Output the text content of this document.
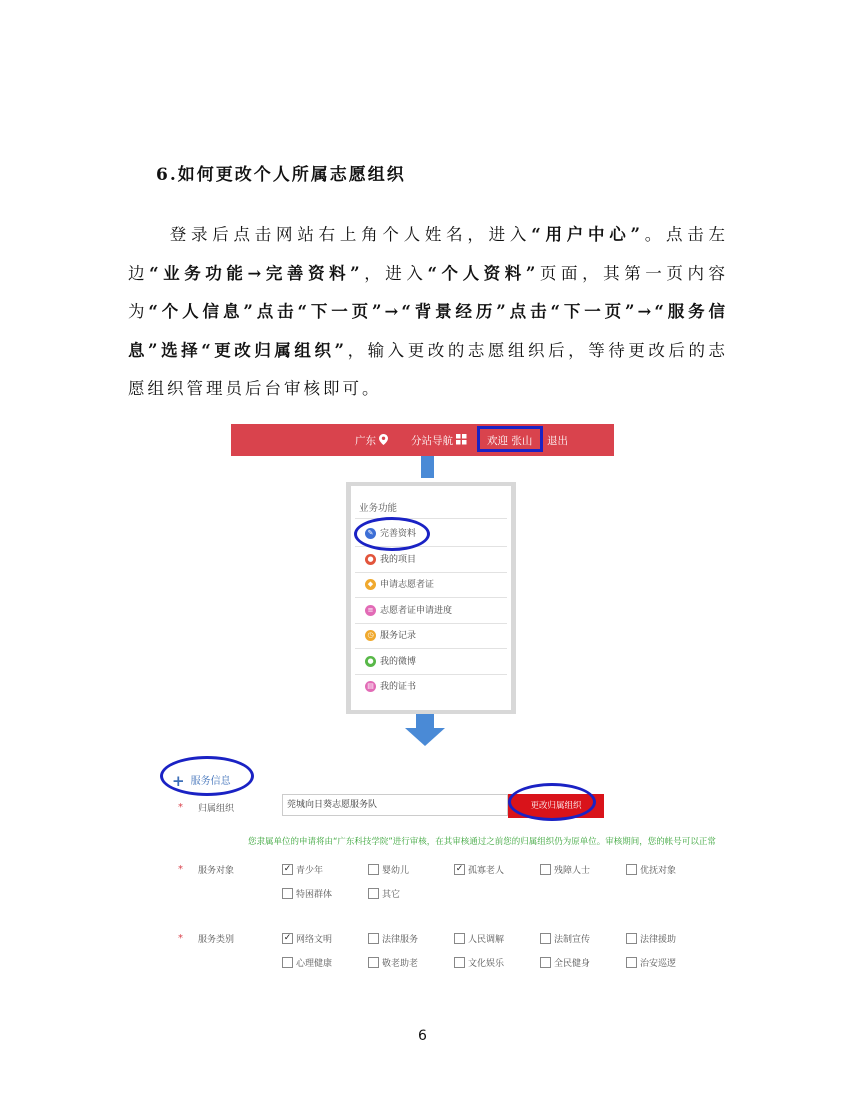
6.如何更改个人所属志愿组织
登录后点击网站右上角个人姓名，进入“用户中心”。点击左边“业务功能→完善资料”，进入“个人资料”页面，其第一页内容为“个人信息”点击“下一页”→“背景经历”点击“下一页”→“服务信息”选择“更改归属组织”，输入更改的志愿组织后，等待更改后的志愿组织管理员后台审核即可。
广东	分站导航	欢迎 张山 退出
业务功能
✎ 完善资料
● 我的项目
◆ 申请志愿者证
≡ 志愿者证申请进度
◷ 服务记录
● 我的微博
▤ 我的证书
+ 服务信息
* 归属组织	莞城向日葵志愿服务队	更改归属组织
您隶属单位的申请将由“广东科技学院”进行审核，在其审核通过之前您的归属组织仍为原单位。审核期间，您的帐号可以正常
* 服务对象	✓ 青少年	婴幼儿	✓ 孤寡老人	残障人士	优抚对象
特困群体	其它
* 服务类别	✓ 网络文明	法律服务	人民调解	法制宣传	法律援助
心理健康	敬老助老	文化娱乐	全民健身	治安巡逻
6
